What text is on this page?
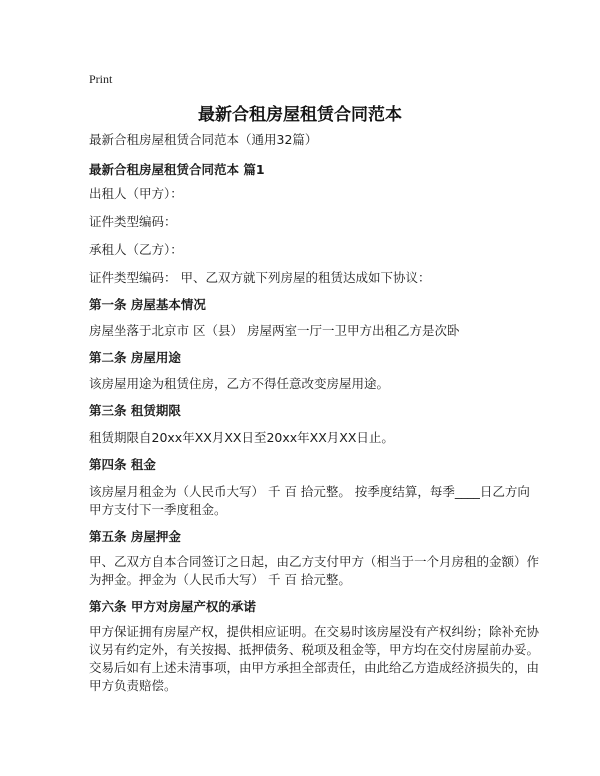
Print
最新合租房屋租赁合同范本
最新合租房屋租赁合同范本（通用32篇）
最新合租房屋租赁合同范本 篇1
出租人（甲方）：
证件类型编码：
承租人（乙方）：
证件类型编码： 甲、乙双方就下列房屋的租赁达成如下协议：
第一条 房屋基本情况
房屋坐落于北京市 区（县） 房屋两室一厅一卫甲方出租乙方是次卧
第二条 房屋用途
该房屋用途为租赁住房，乙方不得任意改变房屋用途。
第三条 租赁期限
租赁期限自20xx年XX月XX日至20xx年XX月XX日止。
第四条 租金
该房屋月租金为（人民币大写） 千 百 拾元整。 按季度结算，每季____日乙方向
甲方支付下一季度租金。
第五条 房屋押金
甲、乙双方自本合同签订之日起，由乙方支付甲方（相当于一个月房租的金额）作
为押金。押金为（人民币大写） 千 百 拾元整。
第六条 甲方对房屋产权的承诺
甲方保证拥有房屋产权，提供相应证明。在交易时该房屋没有产权纠纷；除补充协
议另有约定外，有关按揭、抵押债务、税项及租金等，甲方均在交付房屋前办妥。
交易后如有上述未清事项，由甲方承担全部责任，由此给乙方造成经济损失的，由
甲方负责赔偿。
